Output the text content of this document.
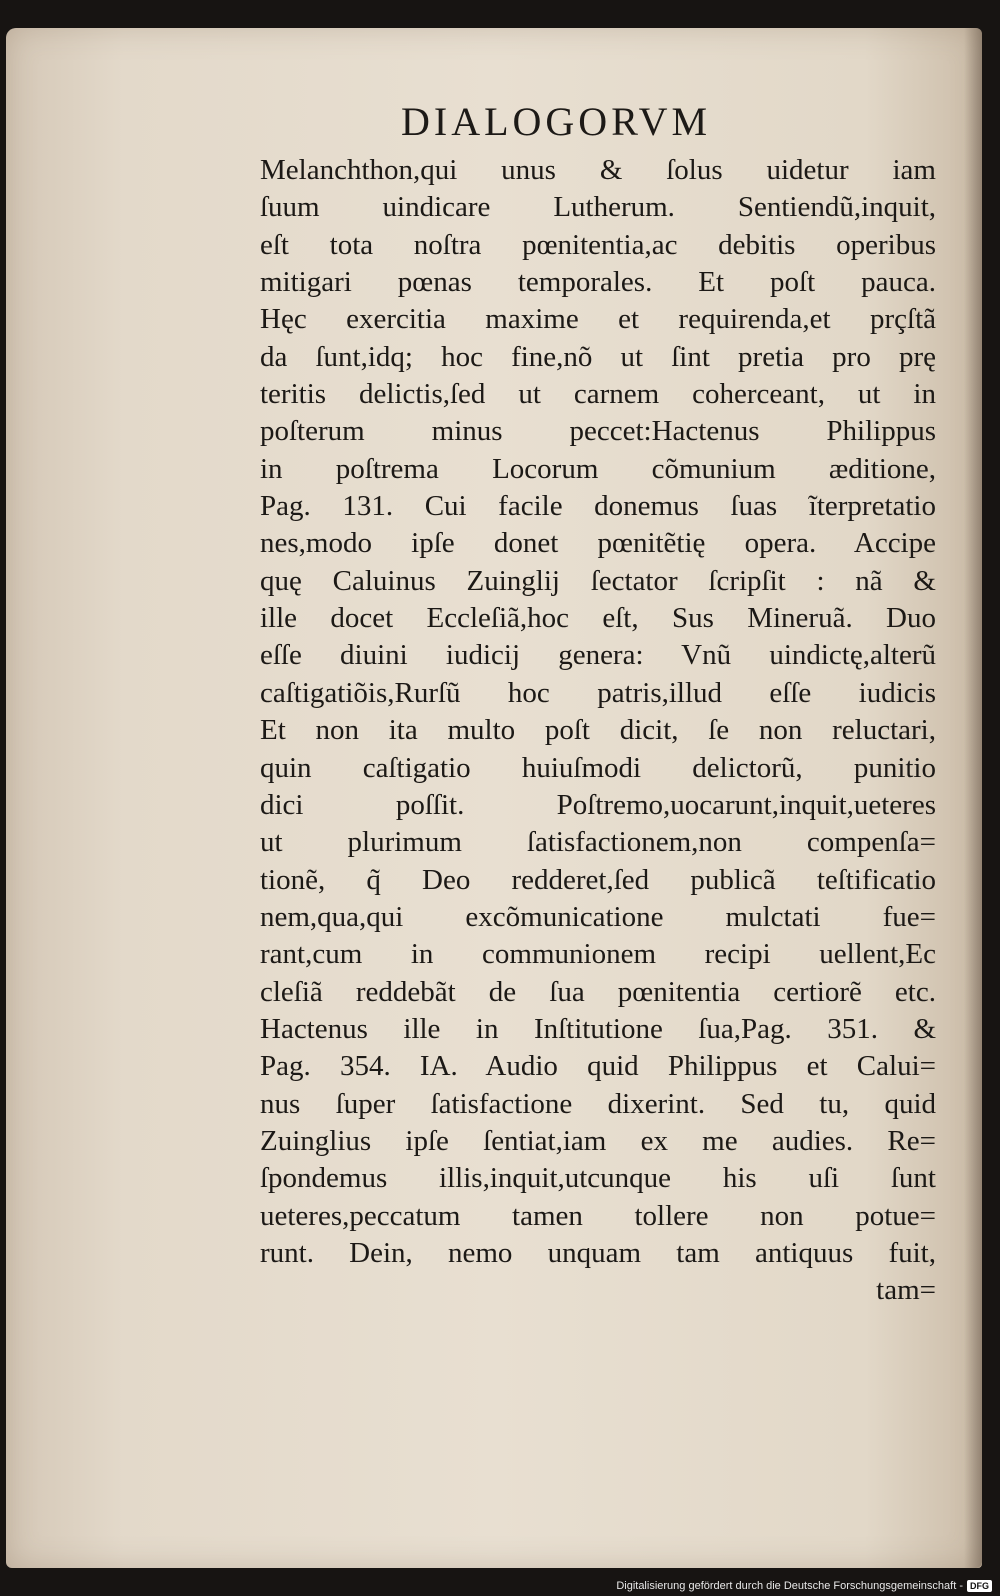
DIALOGORVM
Melanchthon,qui unus & ſolus uidetur iam
ſuum uindicare Lutherum. Sentiendũ,inquit,
eſt tota noſtra pœnitentia,ac debitis operibus
mitigari pœnas temporales. Et poſt pauca.
Hęc exercitia maxime et requirenda,et prçſtã
da ſunt,idq; hoc fine,nõ ut ſint pretia pro prę
teritis delictis,ſed ut carnem coherceant, ut in
poſterum minus peccet:Hactenus Philippus
in poſtrema Locorum cõmunium æditione,
Pag. 131. Cui facile donemus ſuas ĩterpretatio
nes,modo ipſe donet pœnitẽtię opera. Accipe
quę Caluinus Zuinglij ſectator ſcripſit : nã &
ille docet Eccleſiã,hoc eſt, Sus Mineruã. Duo
eſſe diuini iudicij genera: Vnũ uindictę,alterũ
caſtigatiõis,Rurſũ hoc patris,illud eſſe iudicis
Et non ita multo poſt dicit, ſe non reluctari,
quin caſtigatio huiuſmodi delictorũ, punitio
dici poſſit. Poſtremo,uocarunt,inquit,ueteres
ut plurimum ſatisfactionem,non compenſa=
tionẽ, q̃ Deo redderet,ſed publicã teſtificatio
nem,qua,qui excõmunicatione mulctati fue=
rant,cum in communionem recipi uellent,Ec
cleſiã reddebãt de ſua pœnitentia certiorẽ etc.
Hactenus ille in Inſtitutione ſua,Pag. 351. &
Pag. 354. IA. Audio quid Philippus et Calui=
nus ſuper ſatisfactione dixerint. Sed tu, quid
Zuinglius ipſe ſentiat,iam ex me audies. Re=
ſpondemus illis,inquit,utcunque his uſi ſunt
ueteres,peccatum tamen tollere non potue=
runt. Dein, nemo unquam tam antiquus fuit,
tam=
Digitalisierung gefördert durch die Deutsche Forschungsgemeinschaft - DFG
